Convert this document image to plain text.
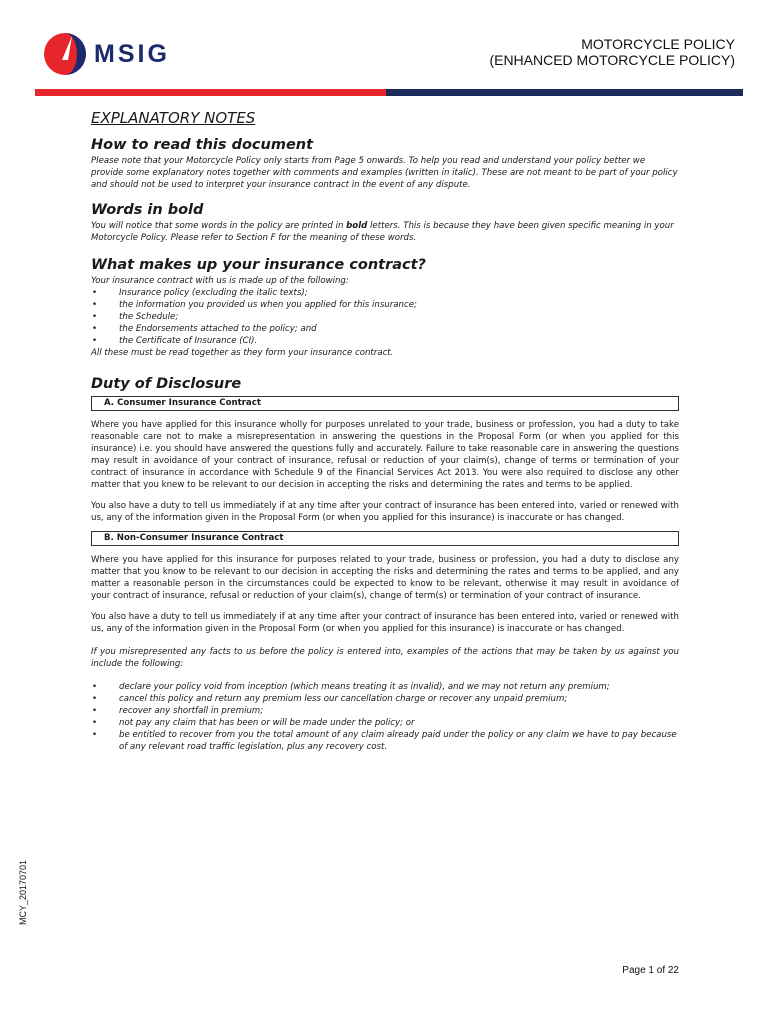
MSIG	MOTORCYCLE POLICY
(ENHANCED MOTORCYCLE POLICY)

EXPLANATORY NOTES

How to read this document

Please note that your Motorcycle Policy only starts from Page 5 onwards. To help you read and understand your policy better we provide some explanatory notes together with comments and examples (written in italic). These are not meant to be part of your policy and should not be used to interpret your insurance contract in the event of any dispute.

Words in bold

You will notice that some words in the policy are printed in bold letters. This is because they have been given specific meaning in your Motorcycle Policy. Please refer to Section F for the meaning of these words.

What makes up your insurance contract?

Your insurance contract with us is made up of the following:

•	Insurance policy (excluding the italic texts);
•	the information you provided us when you applied for this insurance;
•	the Schedule;
•	the Endorsements attached to the policy; and
•	the Certificate of Insurance (CI).

All these must be read together as they form your insurance contract.

Duty of Disclosure

A. Consumer Insurance Contract

Where you have applied for this insurance wholly for purposes unrelated to your trade, business or profession, you had a duty to take reasonable care not to make a misrepresentation in answering the questions in the Proposal Form (or when you applied for this insurance) i.e. you should have answered the questions fully and accurately. Failure to take reasonable care in answering the questions may result in avoidance of your contract of insurance, refusal or reduction of your claim(s), change of terms or termination of your contract of insurance in accordance with Schedule 9 of the Financial Services Act 2013. You were also required to disclose any other matter that you knew to be relevant to our decision in accepting the risks and determining the rates and terms to be applied.

You also have a duty to tell us immediately if at any time after your contract of insurance has been entered into, varied or renewed with us, any of the information given in the Proposal Form (or when you applied for this insurance) is inaccurate or has changed.

B. Non-Consumer Insurance Contract

Where you have applied for this insurance for purposes related to your trade, business or profession, you had a duty to disclose any matter that you know to be relevant to our decision in accepting the risks and determining the rates and terms to be applied, and any matter a reasonable person in the circumstances could be expected to know to be relevant, otherwise it may result in avoidance of your contract of insurance, refusal or reduction of your claim(s), change of term(s) or termination of your contract of insurance.

You also have a duty to tell us immediately if at any time after your contract of insurance has been entered into, varied or renewed with us, any of the information given in the Proposal Form (or when you applied for this insurance) is inaccurate or has changed.

If you misrepresented any facts to us before the policy is entered into, examples of the actions that may be taken by us against you include the following:

•	declare your policy void from inception (which means treating it as invalid), and we may not return any premium;
•	cancel this policy and return any premium less our cancellation charge or recover any unpaid premium;
•	recover any shortfall in premium;
•	not pay any claim that has been or will be made under the policy; or
•	be entitled to recover from you the total amount of any claim already paid under the policy or any claim we have to pay because of any relevant road traffic legislation, plus any recovery cost.
MCY_20170701
Page 1 of 22
